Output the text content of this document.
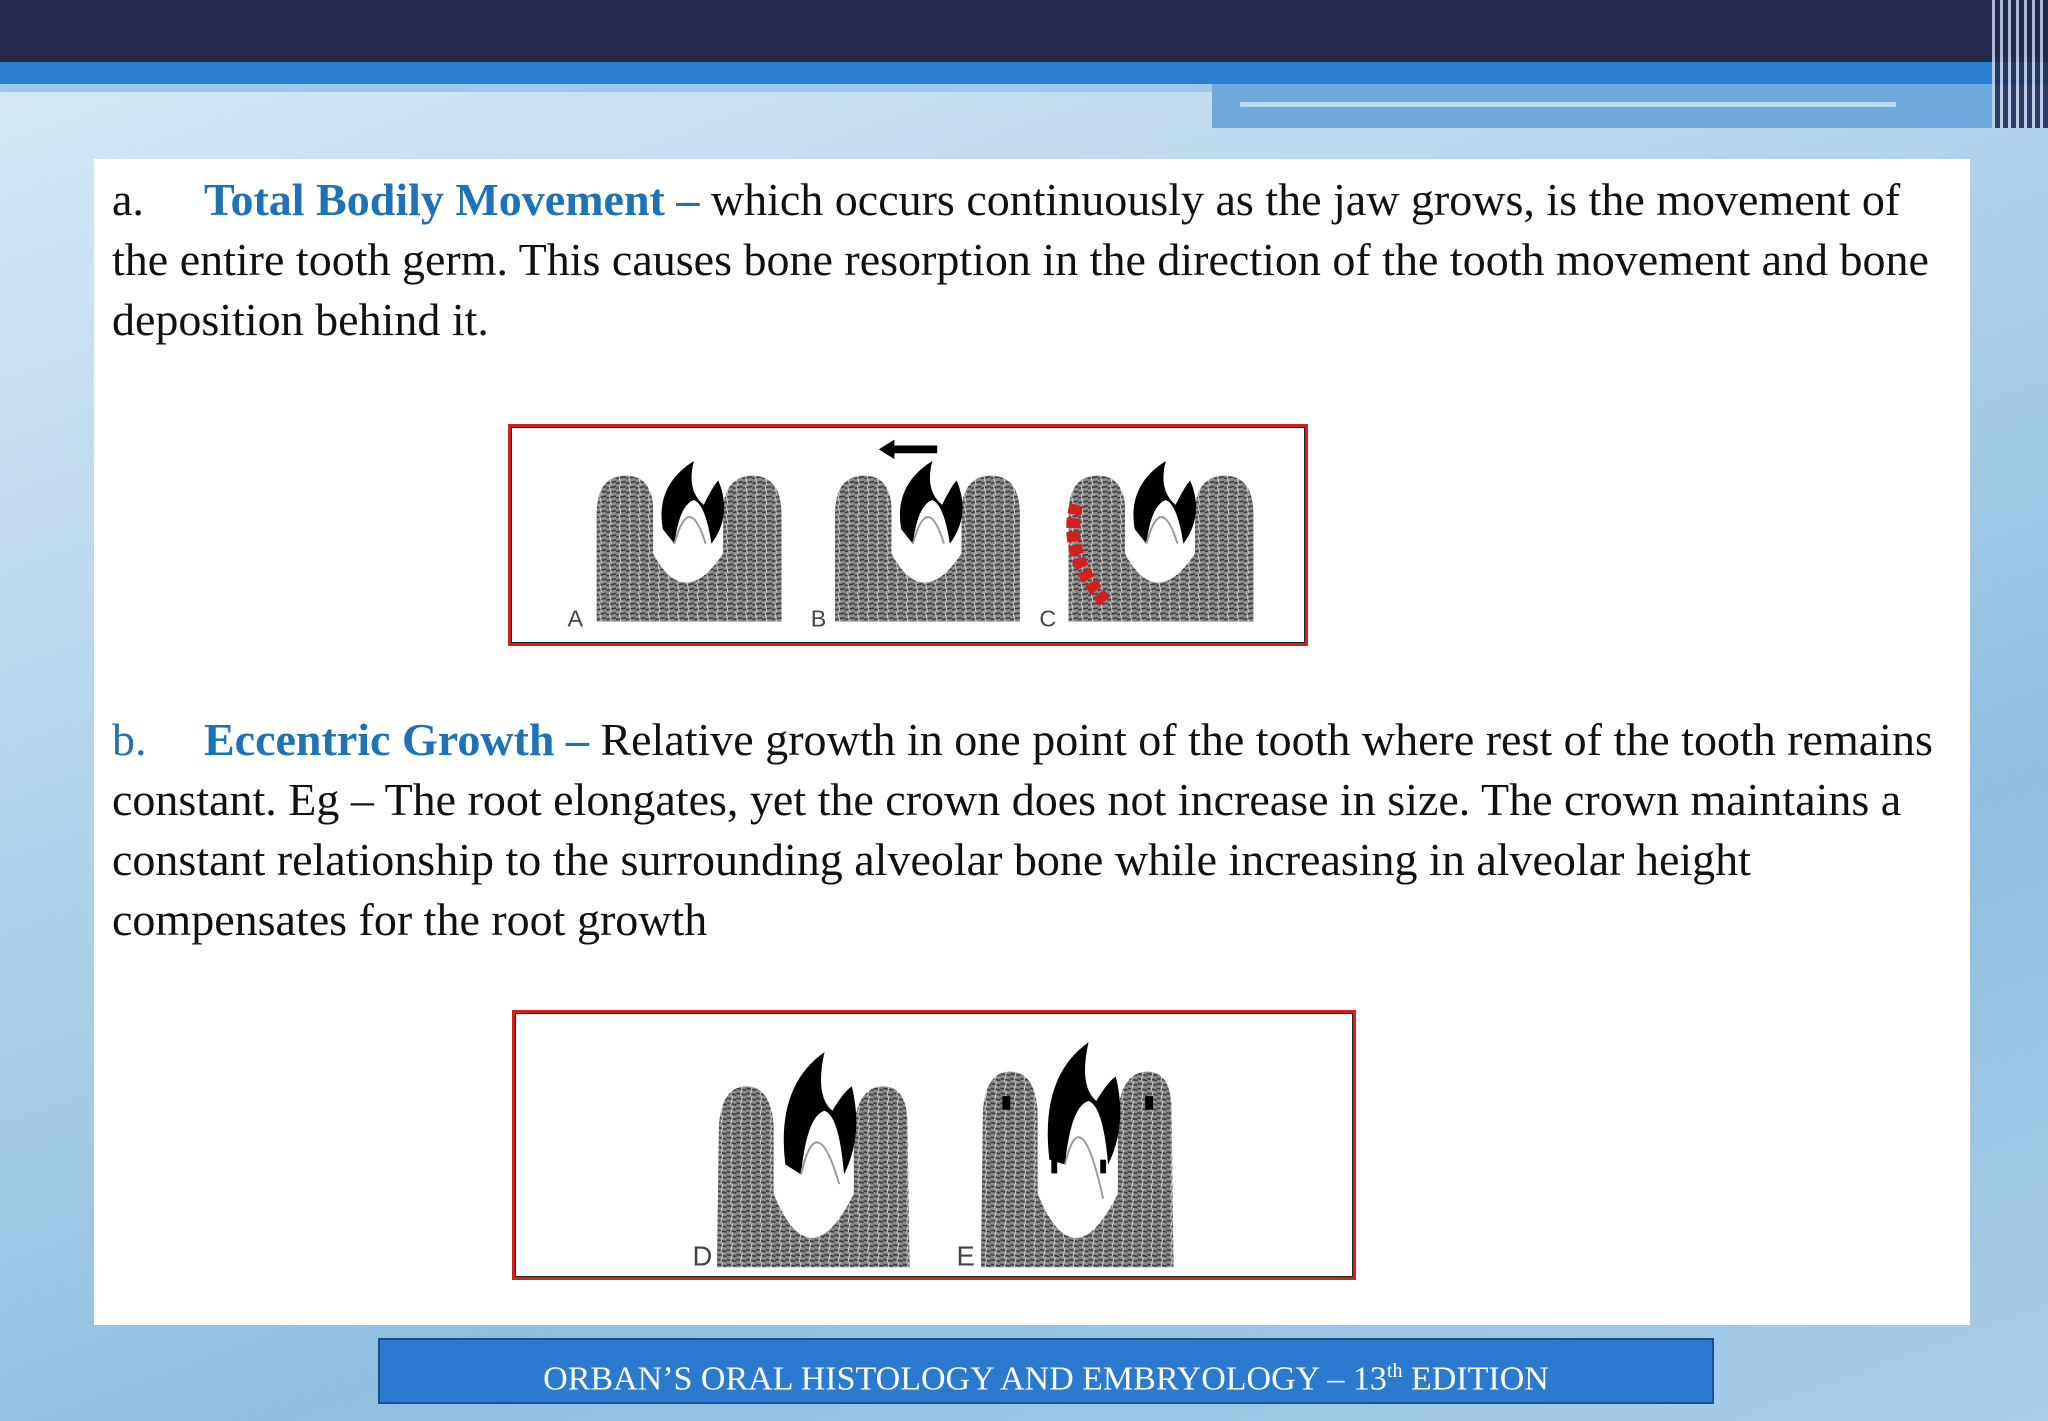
a. Total Bodily Movement – which occurs continuously as the jaw grows, is the movement of the entire tooth germ. This causes bone resorption in the direction of the tooth movement and bone deposition behind it.

A	B	C

b. Eccentric Growth – Relative growth in one point of the tooth where rest of the tooth remains constant. Eg – The root elongates, yet the crown does not increase in size. The crown maintains a constant relationship to the surrounding alveolar bone while increasing in alveolar height compensates for the root growth

D	E
ORBAN’S ORAL HISTOLOGY AND EMBRYOLOGY – 13th EDITION
